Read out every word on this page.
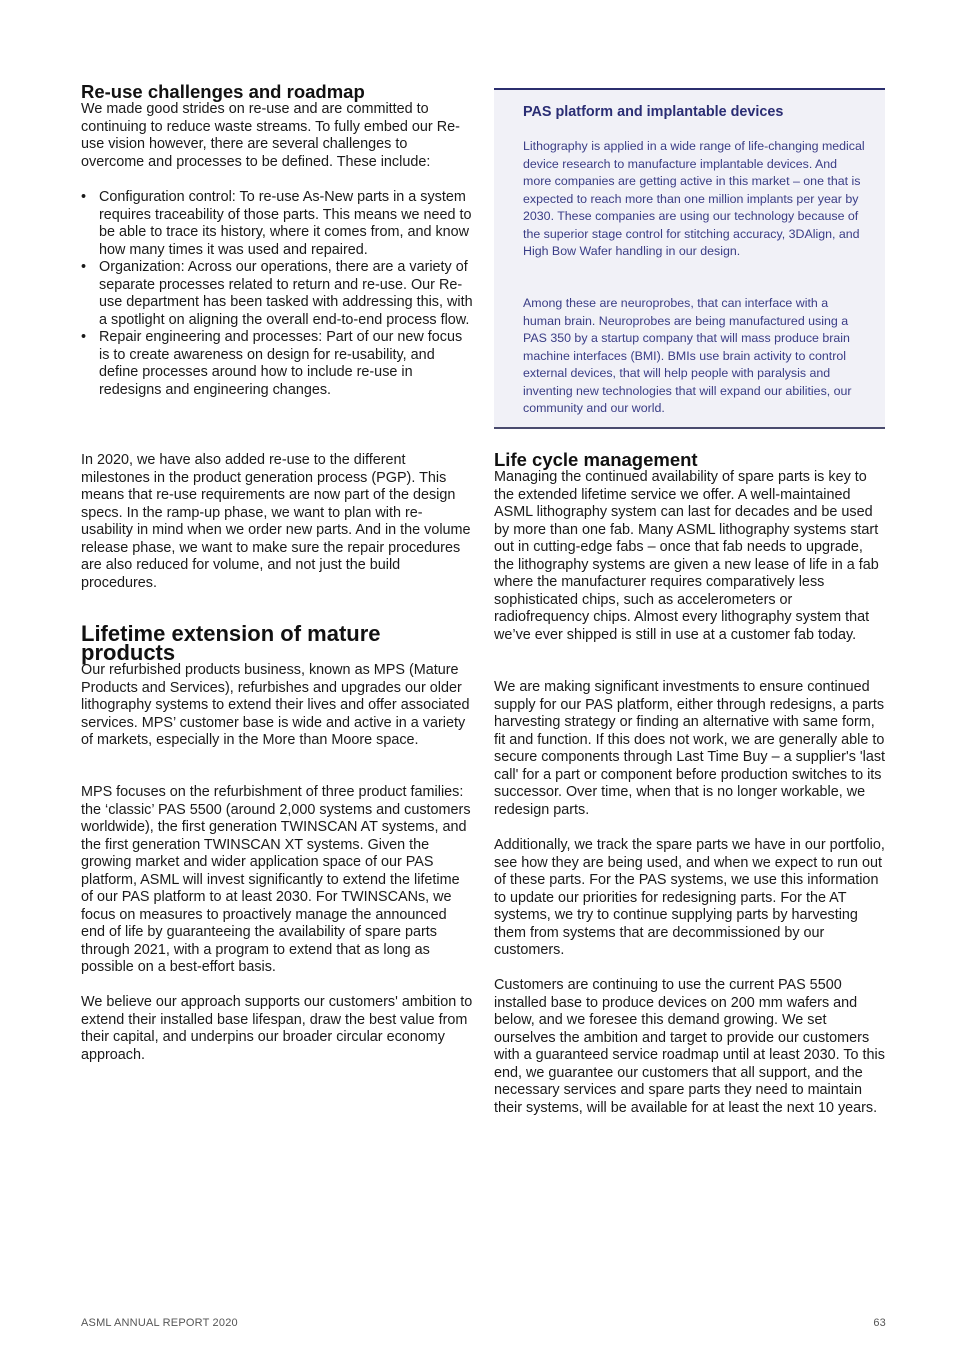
Re-use challenges and roadmap

We made good strides on re-use and are committed to continuing to reduce waste streams. To fully embed our Re-use vision however, there are several challenges to overcome and processes to be defined. These include:

• Configuration control: To re-use As-New parts in a system requires traceability of those parts. This means we need to be able to trace its history, where it comes from, and know how many times it was used and repaired.
• Organization: Across our operations, there are a variety of separate processes related to return and re-use. Our Re-use department has been tasked with addressing this, with a spotlight on aligning the overall end-to-end process flow.
• Repair engineering and processes: Part of our new focus is to create awareness on design for re-usability, and define processes around how to include re-use in redesigns and engineering changes.

In 2020, we have also added re-use to the different milestones in the product generation process (PGP). This means that re-use requirements are now part of the design specs. In the ramp-up phase, we want to plan with re-usability in mind when we order new parts. And in the volume release phase, we want to make sure the repair procedures are also reduced for volume, and not just the build procedures.

Lifetime extension of mature products

Our refurbished products business, known as MPS (Mature Products and Services), refurbishes and upgrades our older lithography systems to extend their lives and offer associated services. MPS’ customer base is wide and active in a variety of markets, especially in the More than Moore space.

MPS focuses on the refurbishment of three product families: the ‘classic’ PAS 5500 (around 2,000 systems and customers worldwide), the first generation TWINSCAN AT systems, and the first generation TWINSCAN XT systems. Given the growing market and wider application space of our PAS platform, ASML will invest significantly to extend the lifetime of our PAS platform to at least 2030. For TWINSCANs, we focus on measures to proactively manage the announced end of life by guaranteeing the availability of spare parts through 2021, with a program to extend that as long as possible on a best-effort basis.

We believe our approach supports our customers' ambition to extend their installed base lifespan, draw the best value from their capital, and underpins our broader circular economy approach.

PAS platform and implantable devices

Lithography is applied in a wide range of life-changing medical device research to manufacture implantable devices. And more companies are getting active in this market – one that is expected to reach more than one million implants per year by 2030. These companies are using our technology because of the superior stage control for stitching accuracy, 3DAlign, and High Bow Wafer handling in our design.

Among these are neuroprobes, that can interface with a human brain. Neuroprobes are being manufactured using a PAS 350 by a startup company that will mass produce brain machine interfaces (BMI). BMIs use brain activity to control external devices, that will help people with paralysis and inventing new technologies that will expand our abilities, our community and our world.

Life cycle management

Managing the continued availability of spare parts is key to the extended lifetime service we offer. A well-maintained ASML lithography system can last for decades and be used by more than one fab. Many ASML lithography systems start out in cutting-edge fabs – once that fab needs to upgrade, the lithography systems are given a new lease of life in a fab where the manufacturer requires comparatively less sophisticated chips, such as accelerometers or radiofrequency chips. Almost every lithography system that we’ve ever shipped is still in use at a customer fab today.

We are making significant investments to ensure continued supply for our PAS platform, either through redesigns, a parts harvesting strategy or finding an alternative with same form, fit and function. If this does not work, we are generally able to secure components through Last Time Buy – a supplier's 'last call' for a part or component before production switches to its successor. Over time, when that is no longer workable, we redesign parts.

Additionally, we track the spare parts we have in our portfolio, see how they are being used, and when we expect to run out of these parts. For the PAS systems, we use this information to update our priorities for redesigning parts. For the AT systems, we try to continue supplying parts by harvesting them from systems that are decommissioned by our customers.

Customers are continuing to use the current PAS 5500 installed base to produce devices on 200 mm wafers and below, and we foresee this demand growing. We set ourselves the ambition and target to provide our customers with a guaranteed service roadmap until at least 2030. To this end, we guarantee our customers that all support, and the necessary services and spare parts they need to maintain their systems, will be available for at least the next 10 years.

ASML ANNUAL REPORT 2020	63
